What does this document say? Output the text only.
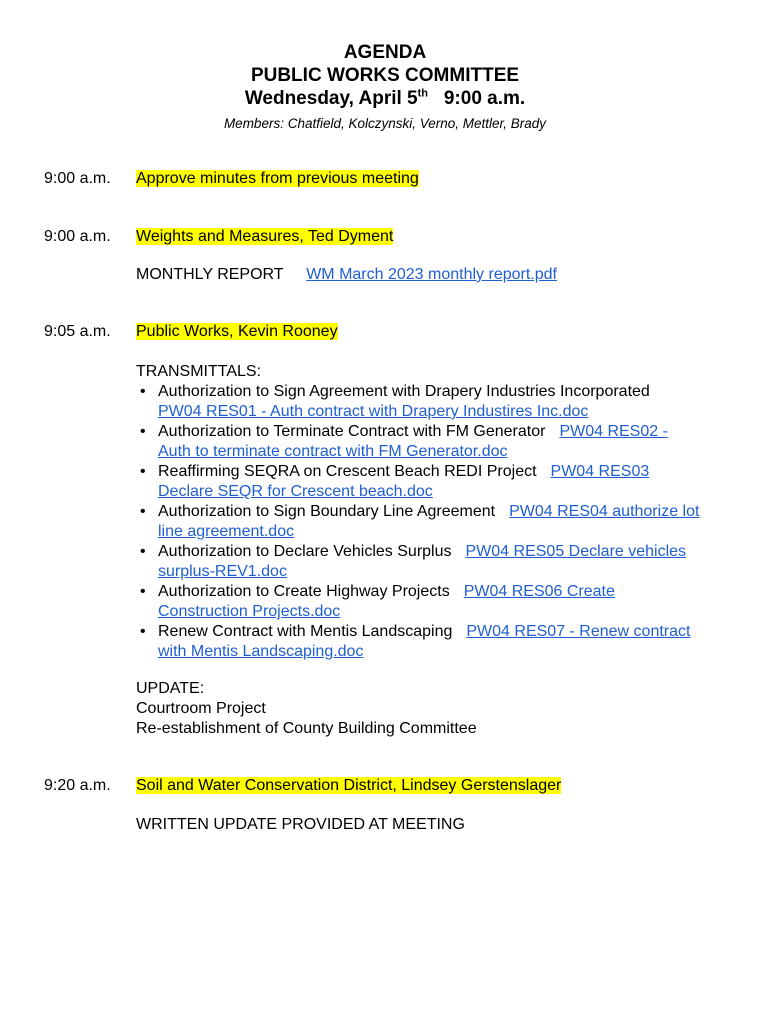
AGENDA
PUBLIC WORKS COMMITTEE
Wednesday, April 5th 9:00 a.m.
Members: Chatfield, Kolczynski, Verno, Mettler, Brady
9:00 a.m. Approve minutes from previous meeting
9:00 a.m. Weights and Measures, Ted Dyment
MONTHLY REPORT WM March 2023 monthly report.pdf
9:05 a.m. Public Works, Kevin Rooney
TRANSMITTALS:
• Authorization to Sign Agreement with Drapery Industries Incorporated
PW04 RES01 - Auth contract with Drapery Industires Inc.doc
• Authorization to Terminate Contract with FM Generator PW04 RES02 -
Auth to terminate contract with FM Generator.doc
• Reaffirming SEQRA on Crescent Beach REDI Project PW04 RES03
Declare SEQR for Crescent beach.doc
• Authorization to Sign Boundary Line Agreement PW04 RES04 authorize lot
line agreement.doc
• Authorization to Declare Vehicles Surplus PW04 RES05 Declare vehicles
surplus-REV1.doc
• Authorization to Create Highway Projects PW04 RES06 Create
Construction Projects.doc
• Renew Contract with Mentis Landscaping PW04 RES07 - Renew contract
with Mentis Landscaping.doc
UPDATE:
Courtroom Project
Re-establishment of County Building Committee
9:20 a.m. Soil and Water Conservation District, Lindsey Gerstenslager
WRITTEN UPDATE PROVIDED AT MEETING
